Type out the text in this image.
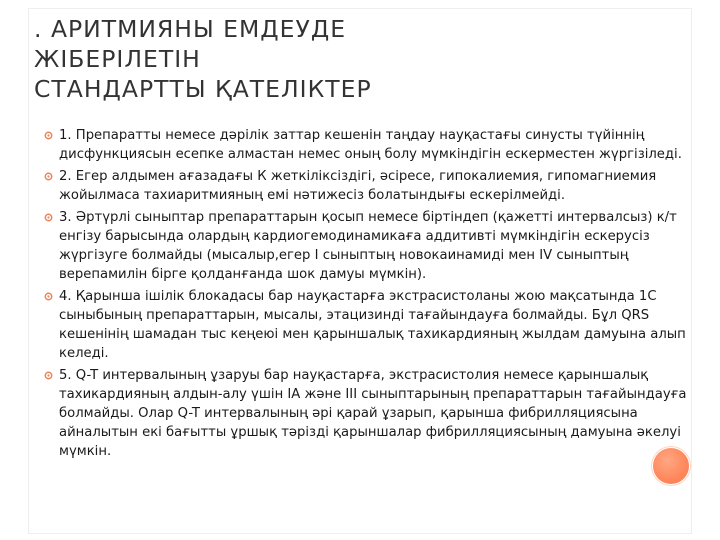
. АРИТМИЯНЫ ЕМДЕУДЕ
ЖІБЕРІЛЕТІН
СТАНДАРТТЫ ҚАТЕЛІКТЕР
1. Препаратты немесе дәрілік заттар кешенін таңдау науқастағы синусты түйіннің дисфункциясын есепке алмастан немес оның болу мүмкіндігін ескерместен жүргізіледі.
2. Егер алдымен ағазадағы К жеткіліксіздігі, әсіресе, гипокалиемия, гипомагниемия жойылмаса тахиаритмияның емі нәтижесіз болатындығы ескерілмейді.
3. Әртүрлі сыныптар препараттарын қосып немесе біртіндеп (қажетті интервалсыз) к/т енгізу барысында олардың кардиогемодинамикаға аддитивті мүмкіндігін ескерусіз жүргізуге болмайды (мысалыр,егер І сыныптың новокаинамиді мен IV сыныптың верепамилін бірге қолданғанда шок дамуы мүмкін).
4. Қарынша ішілік блокадасы бар науқастарға экстрасистоланы жою мақсатында 1С сыныбының препараттарын, мысалы, этацизинді тағайындауға болмайды. Бұл QRS кешенінің шамадан тыс кеңеюі мен қарыншалық тахикардияның жылдам дамуына алып келеді.
5. Q-T интервалының ұзаруы бар науқастарға, экстрасистолия немесе қарыншалық тахикардияның алдын-алу үшін IА және III сыныптарының препараттарын тағайындауға болмайды. Олар Q-T интервалының әрі қарай ұзарып, қарынша фибрилляциясына айналытын екі бағытты ұршық тәрізді қарыншалар фибрилляциясының дамуына әкелуі мүмкін.
